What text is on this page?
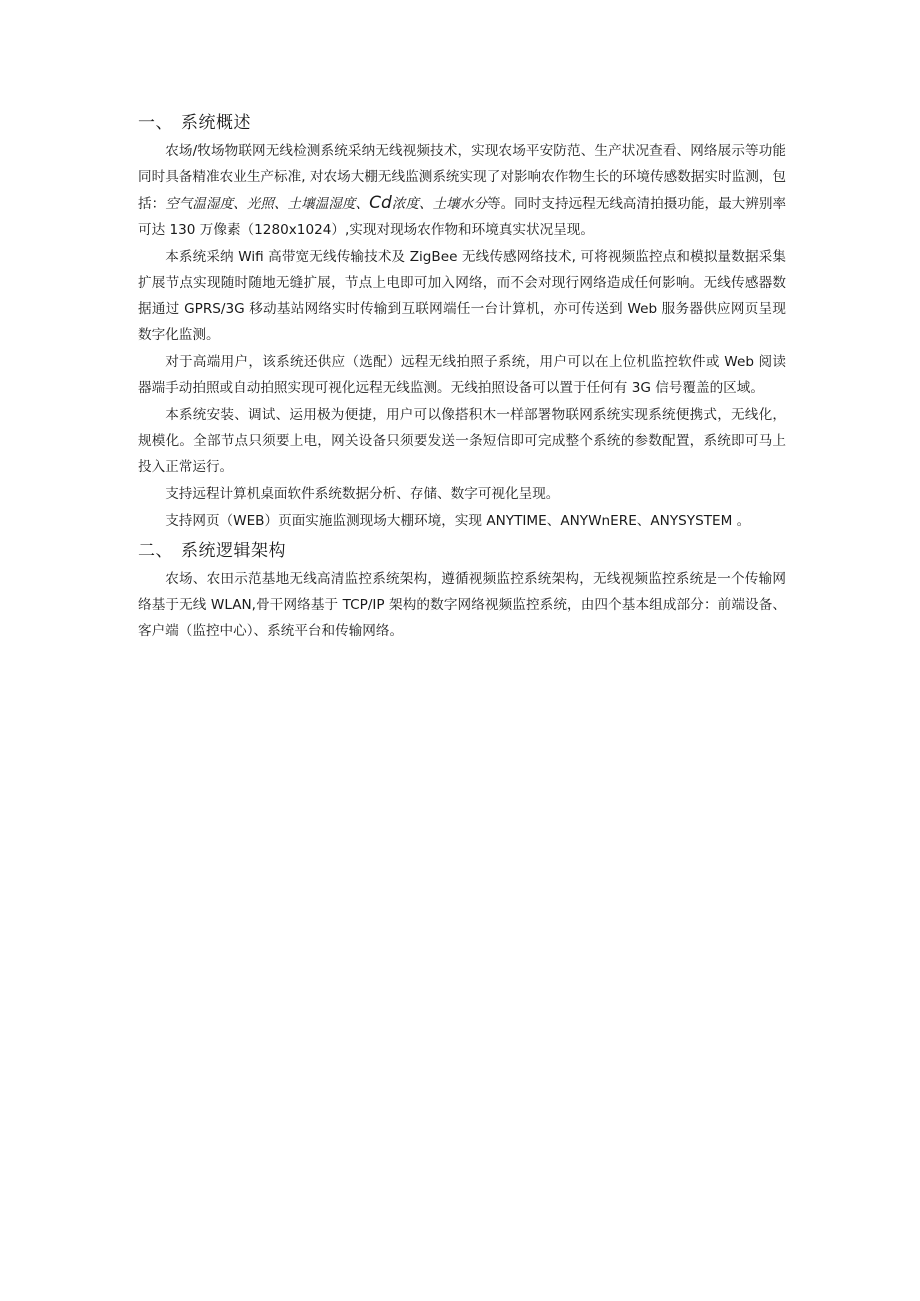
一、 系统概述

农场/牧场物联网无线检测系统采纳无线视频技术，实现农场平安防范、生产状况查看、网络展示等功能同时具备精准农业生产标准, 对农场大棚无线监测系统实现了对影响农作物生长的环境传感数据实时监测，包括：空气温湿度、光照、土壤温湿度、Cd浓度、土壤水分等。同时支持远程无线高清拍摄功能，最大辨别率可达 130 万像素（1280x1024）,实现对现场农作物和环境真实状况呈现。

本系统采纳 Wifi 高带宽无线传输技术及 ZigBee 无线传感网络技术, 可将视频监控点和模拟量数据采集扩展节点实现随时随地无缝扩展，节点上电即可加入网络，而不会对现行网络造成任何影响。无线传感器数据通过 GPRS/3G 移动基站网络实时传输到互联网端任一台计算机，亦可传送到 Web 服务器供应网页呈现数字化监测。

对于高端用户，该系统还供应（选配）远程无线拍照子系统，用户可以在上位机监控软件或 Web 阅读器端手动拍照或自动拍照实现可视化远程无线监测。无线拍照设备可以置于任何有 3G 信号覆盖的区域。

本系统安装、调试、运用极为便捷，用户可以像搭积木一样部署物联网系统实现系统便携式，无线化，规模化。全部节点只须要上电，网关设备只须要发送一条短信即可完成整个系统的参数配置，系统即可马上投入正常运行。

支持远程计算机桌面软件系统数据分析、存储、数字可视化呈现。

支持网页（WEB）页面实施监测现场大棚环境，实现 ANYTIME、ANYWnERE、ANYSYSTEM 。

二、 系统逻辑架构

农场、农田示范基地无线高清监控系统架构，遵循视频监控系统架构，无线视频监控系统是一个传输网络基于无线 WLAN,骨干网络基于 TCP/IP 架构的数字网络视频监控系统，由四个基本组成部分：前端设备、客户端（监控中心）、系统平台和传输网络。
